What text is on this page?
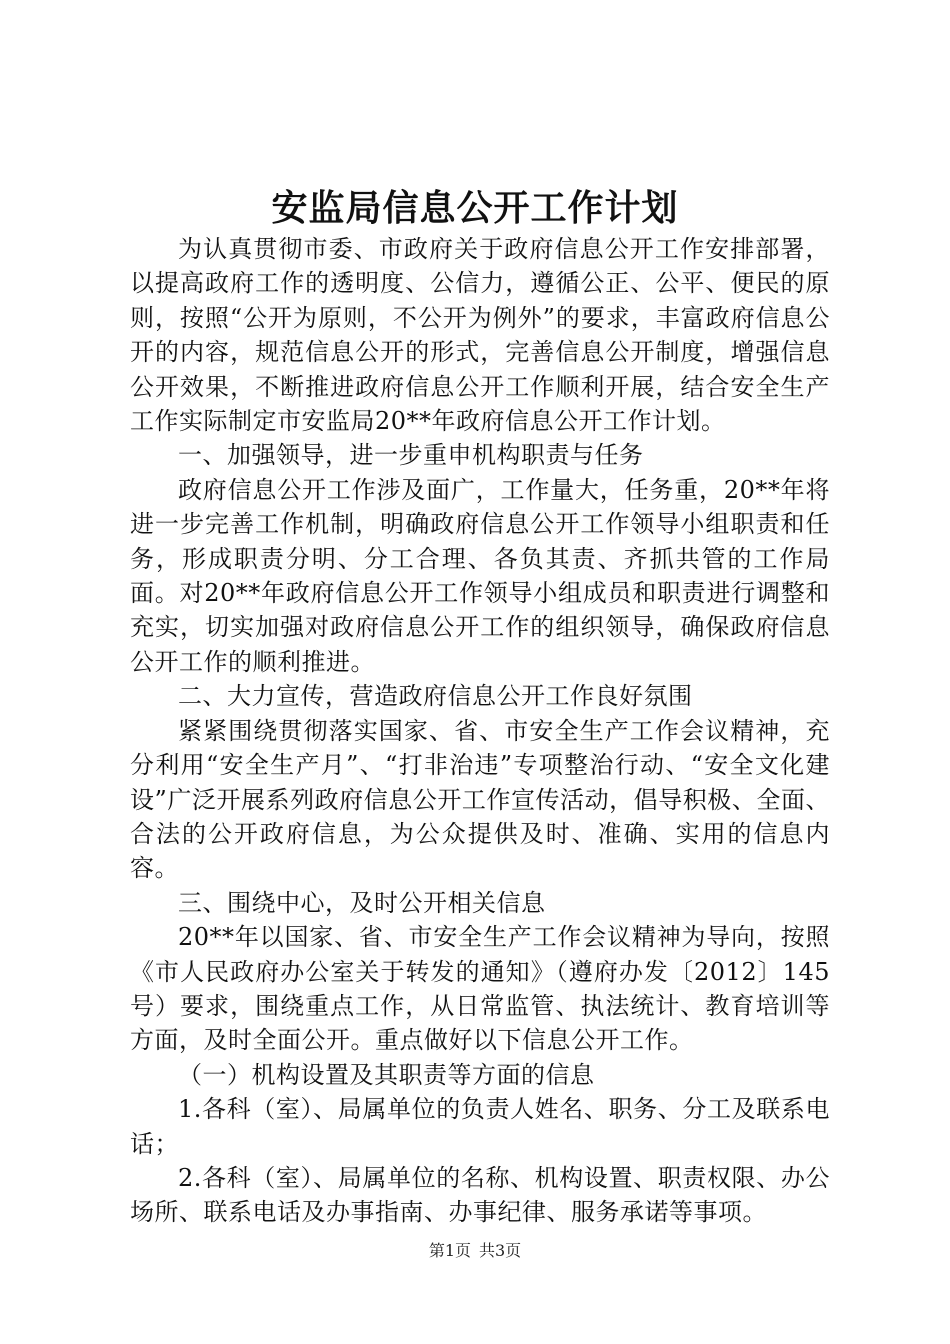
安监局信息公开工作计划

为认真贯彻市委、市政府关于政府信息公开工作安排部署，以提高政府工作的透明度、公信力，遵循公正、公平、便民的原则，按照“公开为原则，不公开为例外”的要求，丰富政府信息公开的内容，规范信息公开的形式，完善信息公开制度，增强信息公开效果，不断推进政府信息公开工作顺利开展，结合安全生产工作实际制定市安监局20**年政府信息公开工作计划。

一、加强领导，进一步重申机构职责与任务

政府信息公开工作涉及面广，工作量大，任务重，20**年将进一步完善工作机制，明确政府信息公开工作领导小组职责和任务，形成职责分明、分工合理、各负其责、齐抓共管的工作局面。对20**年政府信息公开工作领导小组成员和职责进行调整和充实，切实加强对政府信息公开工作的组织领导，确保政府信息公开工作的顺利推进。

二、大力宣传，营造政府信息公开工作良好氛围

紧紧围绕贯彻落实国家、省、市安全生产工作会议精神，充分利用“安全生产月”、“打非治违”专项整治行动、“安全文化建设”广泛开展系列政府信息公开工作宣传活动，倡导积极、全面、合法的公开政府信息，为公众提供及时、准确、实用的信息内容。

三、围绕中心，及时公开相关信息

20**年以国家、省、市安全生产工作会议精神为导向，按照《市人民政府办公室关于转发的通知》（遵府办发〔2012〕145号）要求，围绕重点工作，从日常监管、执法统计、教育培训等方面，及时全面公开。重点做好以下信息公开工作。

（一）机构设置及其职责等方面的信息

1.各科（室）、局属单位的负责人姓名、职务、分工及联系电话；

2.各科（室）、局属单位的名称、机构设置、职责权限、办公场所、联系电话及办事指南、办事纪律、服务承诺等事项。

第1页 共3页
